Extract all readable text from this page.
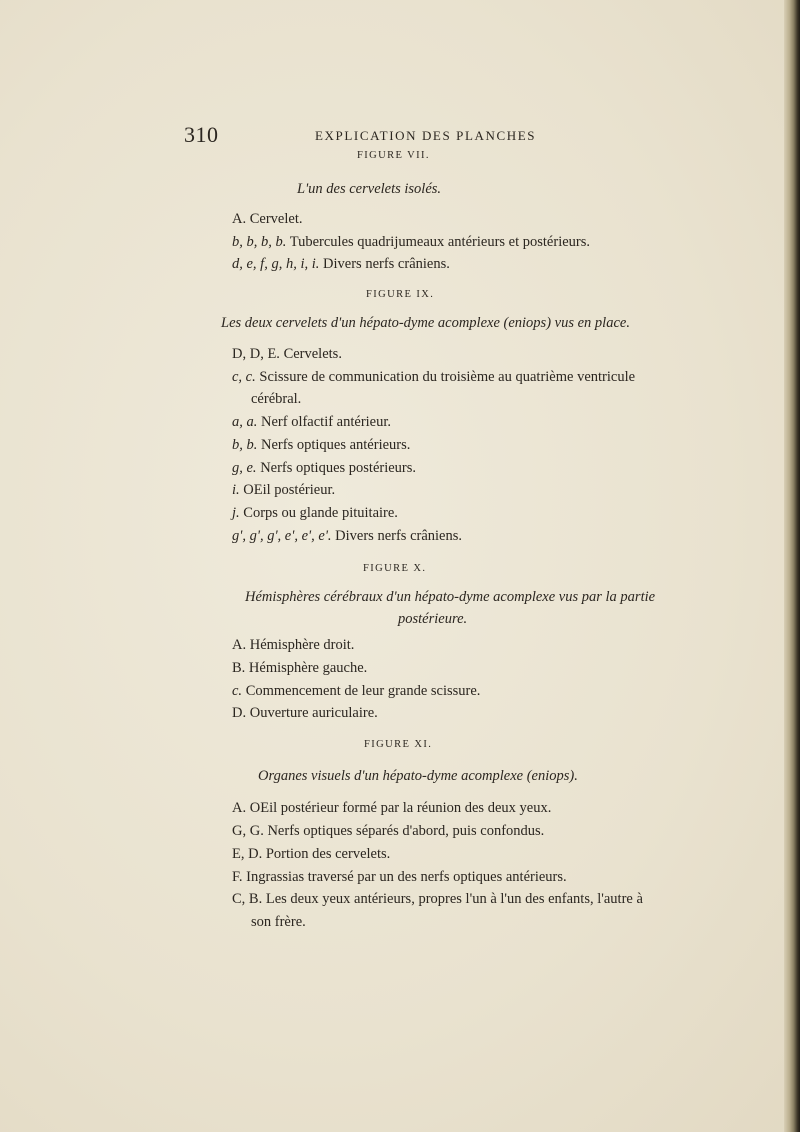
310	EXPLICATION DES PLANCHES
FIGURE VII.
L'un des cervelets isolés.
A. Cervelet.
b, b, b, b. Tubercules quadrijumeaux antérieurs et postérieurs.
d, e, f, g, h, i, i. Divers nerfs crâniens.
FIGURE IX.
Les deux cervelets d'un hépato-dyme acomplexe (eniops) vus en place.
D, D, E. Cervelets.
c, c. Scissure de communication du troisième au quatrième ventricule
cérébral.
a, a. Nerf olfactif antérieur.
b, b. Nerfs optiques antérieurs.
g, e. Nerfs optiques postérieurs.
i. OEil postérieur.
j. Corps ou glande pituitaire.
g', g', g', e', e', e'. Divers nerfs crâniens.
FIGURE X.
Hémisphères cérébraux d'un hépato-dyme acomplexe vus par la partie
postérieure.
A. Hémisphère droit.
B. Hémisphère gauche.
c. Commencement de leur grande scissure.
D. Ouverture auriculaire.
FIGURE XI.
Organes visuels d'un hépato-dyme acomplexe (eniops).
A. OEil postérieur formé par la réunion des deux yeux.
G, G. Nerfs optiques séparés d'abord, puis confondus.
E, D. Portion des cervelets.
F. Ingrassias traversé par un des nerfs optiques antérieurs.
C, B. Les deux yeux antérieurs, propres l'un à l'un des enfants, l'autre à
son frère.
